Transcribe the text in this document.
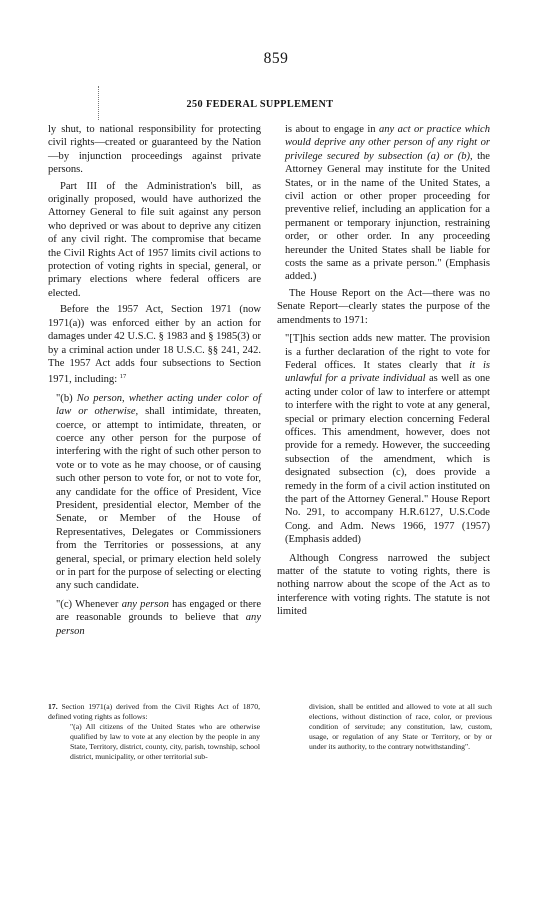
859
250 FEDERAL SUPPLEMENT

ly shut, to national responsibility for protecting civil rights—created or guaranteed by the Nation—by injunction proceedings against private persons.

Part III of the Administration's bill, as originally proposed, would have authorized the Attorney General to file suit against any person who deprived or was about to deprive any citizen of any civil right. The compromise that became the Civil Rights Act of 1957 limits civil actions to protection of voting rights in special, general, or primary elections where federal officers are elected.

Before the 1957 Act, Section 1971 (now 1971(a)) was enforced either by an action for damages under 42 U.S.C. § 1983 and § 1985(3) or by a criminal action under 18 U.S.C. §§ 241, 242. The 1957 Act adds four subsections to Section 1971, including: $^{17}$

"(b) No person, whether acting under color of law or otherwise, shall intimidate, threaten, coerce, or attempt to intimidate, threaten, or coerce any other person for the purpose of interfering with the right of such other person to vote or to vote as he may choose, or of causing such other person to vote for, or not to vote for, any candidate for the office of President, Vice President, presidential elector, Member of the Senate, or Member of the House of Representatives, Delegates or Commissioners from the Territories or possessions, at any general, special, or primary election held solely or in part for the purpose of selecting or electing any such candidate.

"(c) Whenever any person has engaged or there are reasonable grounds to believe that any person

is about to engage in any act or practice which would deprive any other person of any right or privilege secured by subsection (a) or (b), the Attorney General may institute for the United States, or in the name of the United States, a civil action or other proper proceeding for preventive relief, including an application for a permanent or temporary injunction, restraining order, or other order. In any proceeding hereunder the United States shall be liable for costs the same as a private person." (Emphasis added.)

The House Report on the Act—there was no Senate Report—clearly states the purpose of the amendments to 1971:

"[T]his section adds new matter. The provision is a further declaration of the right to vote for Federal offices. It states clearly that it is unlawful for a private individual as well as one acting under color of law to interfere or attempt to interfere with the right to vote at any general, special or primary election concerning Federal offices. This amendment, however, does not provide for a remedy. However, the succeeding subsection of the amendment, which is designated subsection (c), does provide a remedy in the form of a civil action instituted on the part of the Attorney General." House Report No. 291, to accompany H.R.6127, U.S.Code Cong. and Adm. News 1966, 1977 (1957) (Emphasis added)

Although Congress narrowed the subject matter of the statute to voting rights, there is nothing narrow about the scope of the Act as to interference with voting rights. The statute is not limited

17. Section 1971(a) derived from the Civil Rights Act of 1870, defined voting rights as follows:

"(a) All citizens of the United States who are otherwise qualified by law to vote at any election by the people in any State, Territory, district, county, city, parish, township, school district, municipality, or other territorial sub-

division, shall be entitled and allowed to vote at all such elections, without distinction of race, color, or previous condition of servitude; any constitution, law, custom, usage, or regulation of any State or Territory, or by or under its authority, to the contrary notwithstanding".
